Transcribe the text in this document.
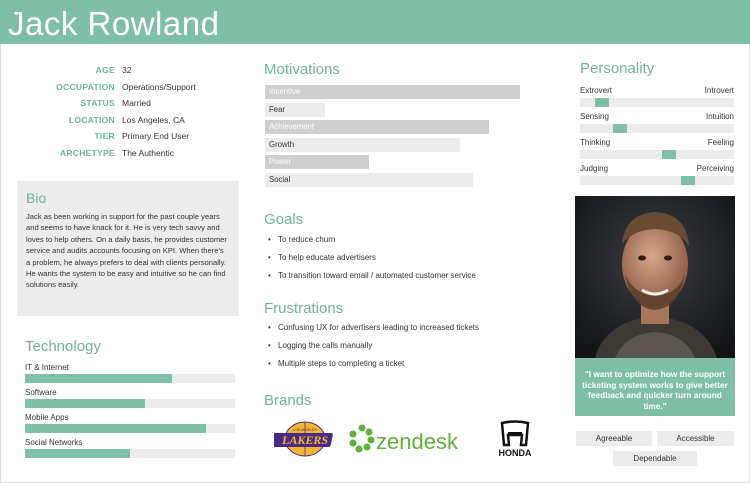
Jack Rowland
AGE 32
OCCUPATION Operations/Support
STATUS Married
LOCATION Los Angeles, CA
TIER Primary End User
ARCHETYPE The Authentic
Bio

Jack as been working in support for the past couple years and seems to have knack for it. He is very tech savvy and loves to help others. On a daily basis, he provides customer service and audits accounts focusing on KPI. When there's a problem, he always prefers to deal with clients personally. He wants the system to be easy and intuitive so he can find solutions easily.

Technology
IT & Internet
Software
Mobile Apps
Social Networks
Motivations
Incentive
Fear
Achievement
Growth
Power
Social
Goals
• To reduce churn
• To help educate advertisers
• To transition toward email / automated customer service
Frustrations
• Confusing UX for advertisers leading to increased tickets
• Logging the calls manually
• Multiple steps to completing a ticket
Brands
LAKERS
LOS ANGELES	zendesk	HONDA
Personality
Extrovert	Introvert
Sensing	Intuition
Thinking	Feeling
Judging	Perceiving
"I want to optimize how the support ticketing system works to give better feedback and quicker turn around time."
Agreeable	Accessible
Dependable
